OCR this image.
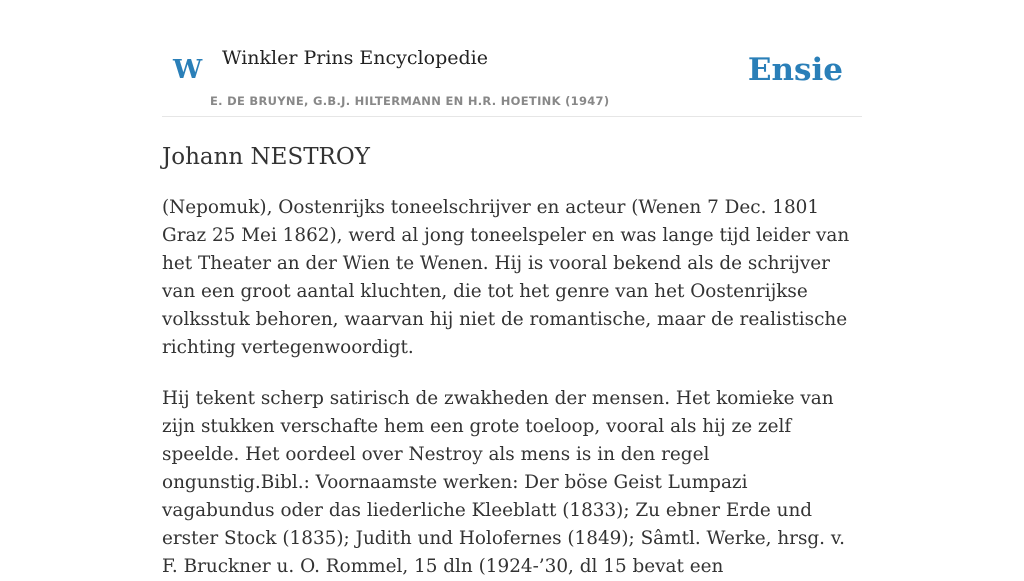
W Winkler Prins Encyclopedie
E. DE BRUYNE, G.B.J. HILTERMANN EN H.R. HOETINK (1947)
Ensie
Johann NESTROY

(Nepomuk), Oostenrijks toneelschrijver en acteur (Wenen 7 Dec. 1801 Graz 25 Mei 1862), werd al jong toneelspeler en was lange tijd leider van het Theater an der Wien te Wenen. Hij is vooral bekend als de schrijver van een groot aantal kluchten, die tot het genre van het Oostenrijkse volksstuk behoren, waarvan hij niet de romantische, maar de realistische richting vertegenwoordigt.

Hij tekent scherp satirisch de zwakheden der mensen. Het komieke van zijn stukken verschafte hem een grote toeloop, vooral als hij ze zelf speelde. Het oordeel over Nestroy als mens is in den regel ongunstig.Bibl.: Voornaamste werken: Der böse Geist Lumpazi vagabundus oder das liederliche Kleeblatt (1833); Zu ebner Erde und erster Stock (1835); Judith und Holofernes (1849); Sâmtl. Werke, hrsg. v. F. Bruckner u. O. Rommel, 15 dln (1924-’30, dl 15 bevat een
